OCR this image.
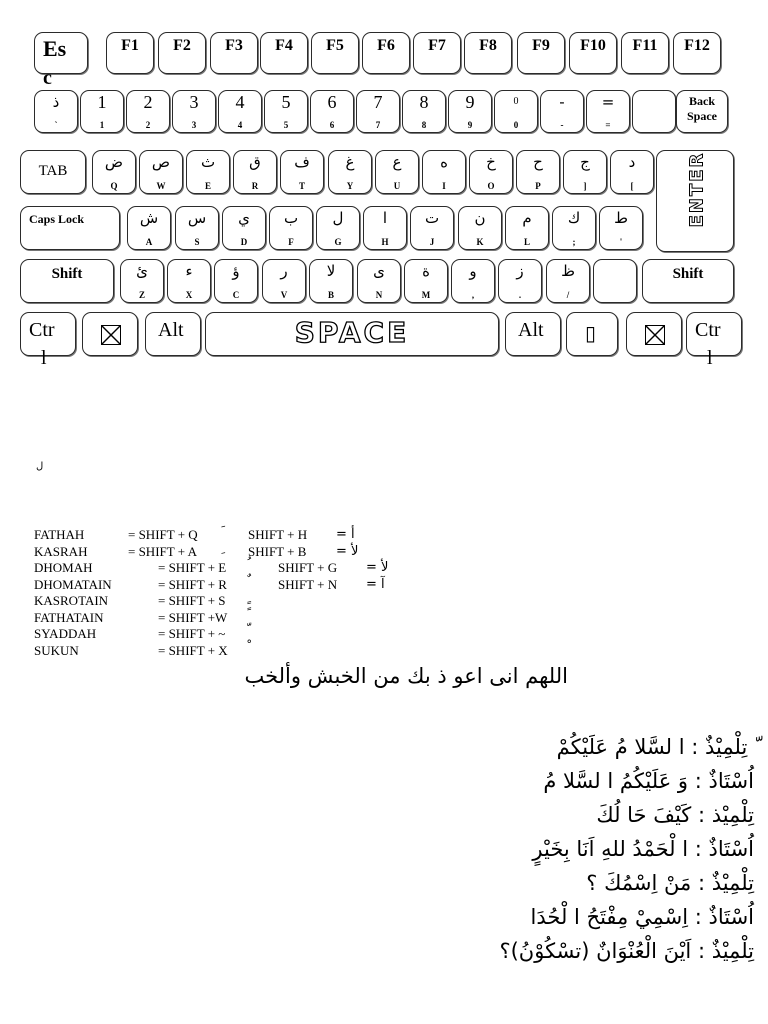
Es
c
F1	F2	F3	F4	F5	F6	F7	F8	F9	F10	F11	F12
ذ
`
1
1
2
2
3
3
4
4
5
5
6
6
7
7
8
8
9
9
0
0
-
-
=
=
Back
Space
TAB	ض
Q
ص
W
ث
E
ق
R
ف
T
غ
Y
ع
U
ه
I
خ
O
ح
P
ج
]
د
[	ENTER
Caps Lock	ش
A
س
S
ي
D
ب
F
ل
G
ا
H
ت
J
ن
K
م
L
ك
;
ط
'
Shift	ئ
Z
ء
X
ؤ
C
ر
V
لا
B
ى
N
ة
M
و
,
ز
.
ظ
/
Shift
Ctr
l
Alt	SPACE	Alt ▯	Ctr
l
ل
FATHAH	= SHIFT + Q	SHIFT + H = أ
KASRAH	= SHIFT + A	SHIFT + B = لأ
DHOMAH	= SHIFT + E	SHIFT + G = لأ
DHOMATAIN	= SHIFT + R	SHIFT + N = آ
KASROTAIN	= SHIFT + S
FATHATAIN	= SHIFT +W
SYADDAH	= SHIFT + ~
SUKUN	= SHIFT + X
اللهم انى اعو ذ بك من الخبش وألخب
ّ تِلْمِيْذٌ : ا لسَّلا مُ عَلَيْكُمْ
اُسْتَاذٌ : وَ عَلَيْكُمُ ا لسَّلا مُ
تِلْمِيْذ : كَيْفَ حَا لُكَ
اُسْتَاذٌ : ا لْحَمْدُ للهِ اَنَا بِخَيْرٍ
تِلْمِيْذٌ : مَنْ اِسْمُكَ ؟
اُسْتَاذٌ : اِسْمِيْ مِفْتَحُ ا لْحُدَا
تِلْمِيْذٌ : اَيْنَ الْعُنْوَانٌ (تسْكُوْنُ)؟
